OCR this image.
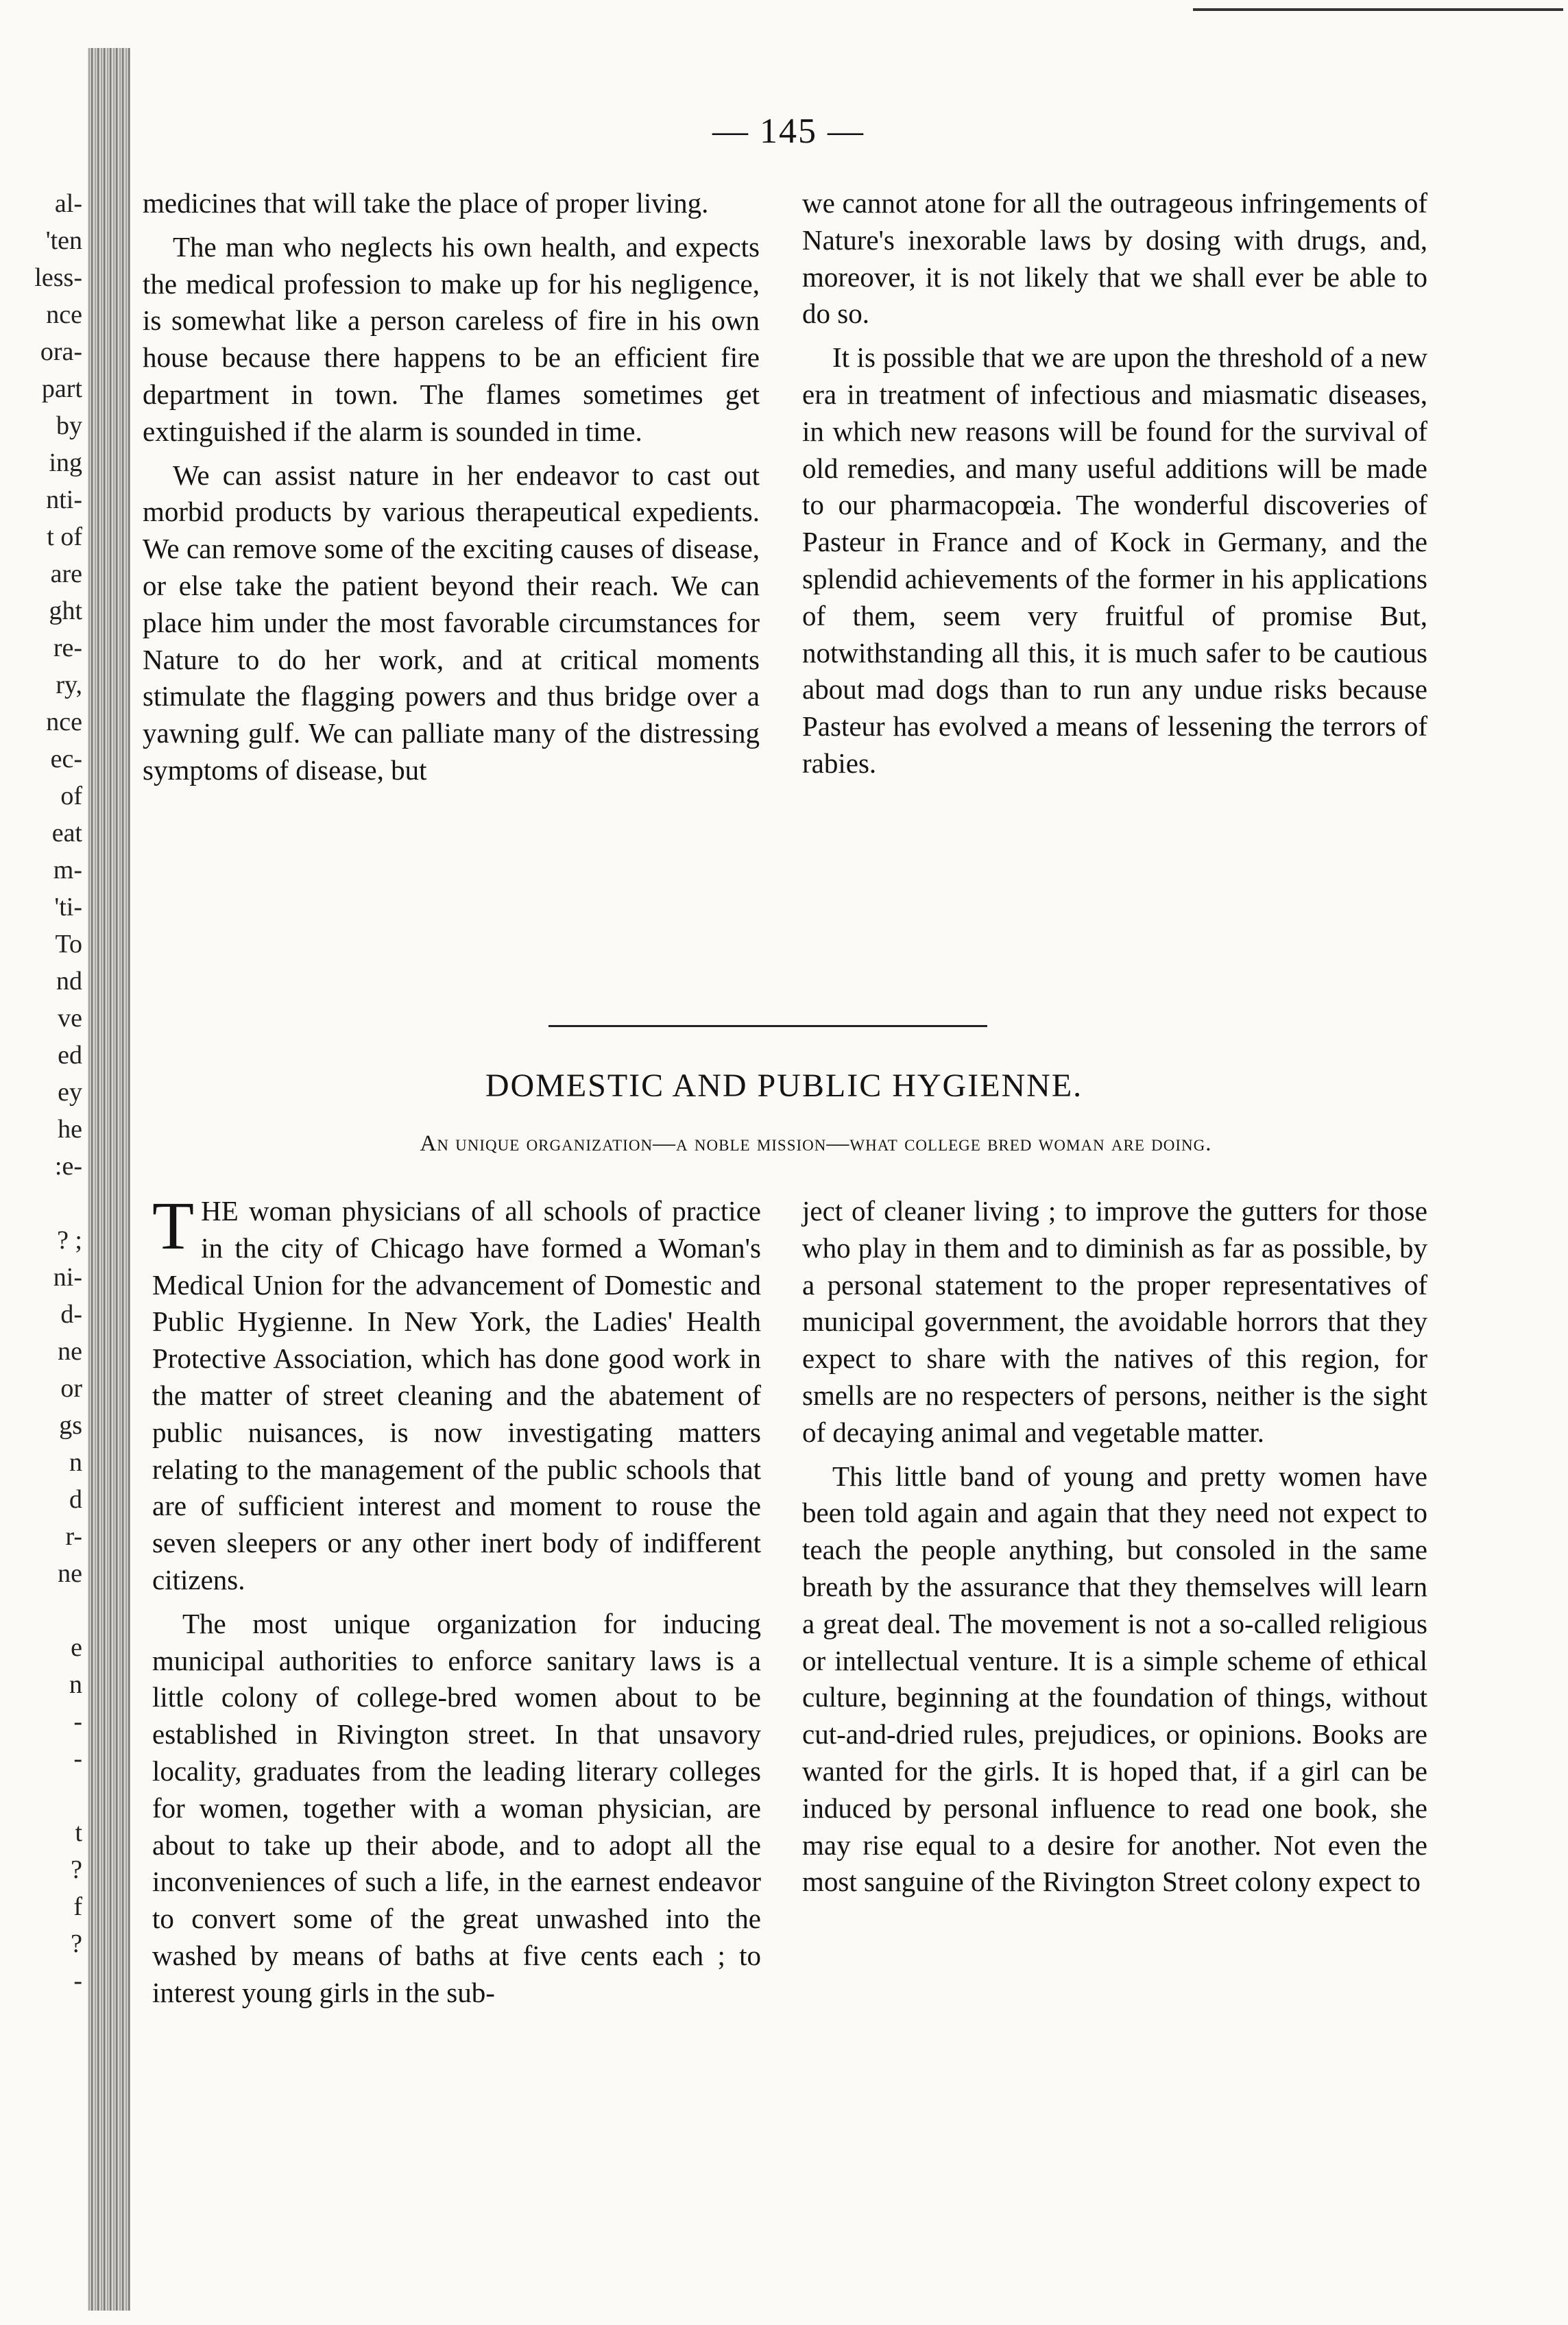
al-
'ten
less-
nce
ora-
part
by
ing
nti-
t of
are
ght
re-
ry,
nce
ec-
of
eat
m-
'ti-
To
nd
ve
ed
ey
he
:e-
? ;
ni-
d-
ne
or
gs
n
d
r-
ne
e
n
-
-
t
?
f
?
-
— 145 —

medicines that will take the place of proper living.

The man who neglects his own health, and expects the medical profession to make up for his negligence, is somewhat like a person careless of fire in his own house because there happens to be an efficient fire department in town. The flames sometimes get extinguished if the alarm is sounded in time.

We can assist nature in her endeavor to cast out morbid products by various therapeutical expedients. We can remove some of the exciting causes of disease, or else take the patient beyond their reach. We can place him under the most favorable circumstances for Nature to do her work, and at critical moments stimulate the flagging powers and thus bridge over a yawning gulf. We can palliate many of the distressing symptoms of disease, but

we cannot atone for all the outrageous infringements of Nature's inexorable laws by dosing with drugs, and, moreover, it is not likely that we shall ever be able to do so.

It is possible that we are upon the threshold of a new era in treatment of infectious and miasmatic diseases, in which new reasons will be found for the survival of old remedies, and many useful additions will be made to our pharmacopœia. The wonderful discoveries of Pasteur in France and of Kock in Germany, and the splendid achievements of the former in his applications of them, seem very fruitful of promise But, notwithstanding all this, it is much safer to be cautious about mad dogs than to run any undue risks because Pasteur has evolved a means of lessening the terrors of rabies.

DOMESTIC AND PUBLIC HYGIENNE.
An unique organization—a noble mission—what college bred woman are doing.

THE woman physicians of all schools of practice in the city of Chicago have formed a Woman's Medical Union for the advancement of Domestic and Public Hygienne. In New York, the Ladies' Health Protective Association, which has done good work in the matter of street cleaning and the abatement of public nuisances, is now investigating matters relating to the management of the public schools that are of sufficient interest and moment to rouse the seven sleepers or any other inert body of indifferent citizens.

The most unique organization for inducing municipal authorities to enforce sanitary laws is a little colony of college-bred women about to be established in Rivington street. In that unsavory locality, graduates from the leading literary colleges for women, together with a woman physician, are about to take up their abode, and to adopt all the inconveniences of such a life, in the earnest endeavor to convert some of the great unwashed into the washed by means of baths at five cents each ; to interest young girls in the sub-

ject of cleaner living ; to improve the gutters for those who play in them and to diminish as far as possible, by a personal statement to the proper representatives of municipal government, the avoidable horrors that they expect to share with the natives of this region, for smells are no respecters of persons, neither is the sight of decaying animal and vegetable matter.

This little band of young and pretty women have been told again and again that they need not expect to teach the people anything, but consoled in the same breath by the assurance that they themselves will learn a great deal. The movement is not a so-called religious or intellectual venture. It is a simple scheme of ethical culture, beginning at the foundation of things, without cut-and-dried rules, prejudices, or opinions. Books are wanted for the girls. It is hoped that, if a girl can be induced by personal influence to read one book, she may rise equal to a desire for another. Not even the most sanguine of the Rivington Street colony expect to
